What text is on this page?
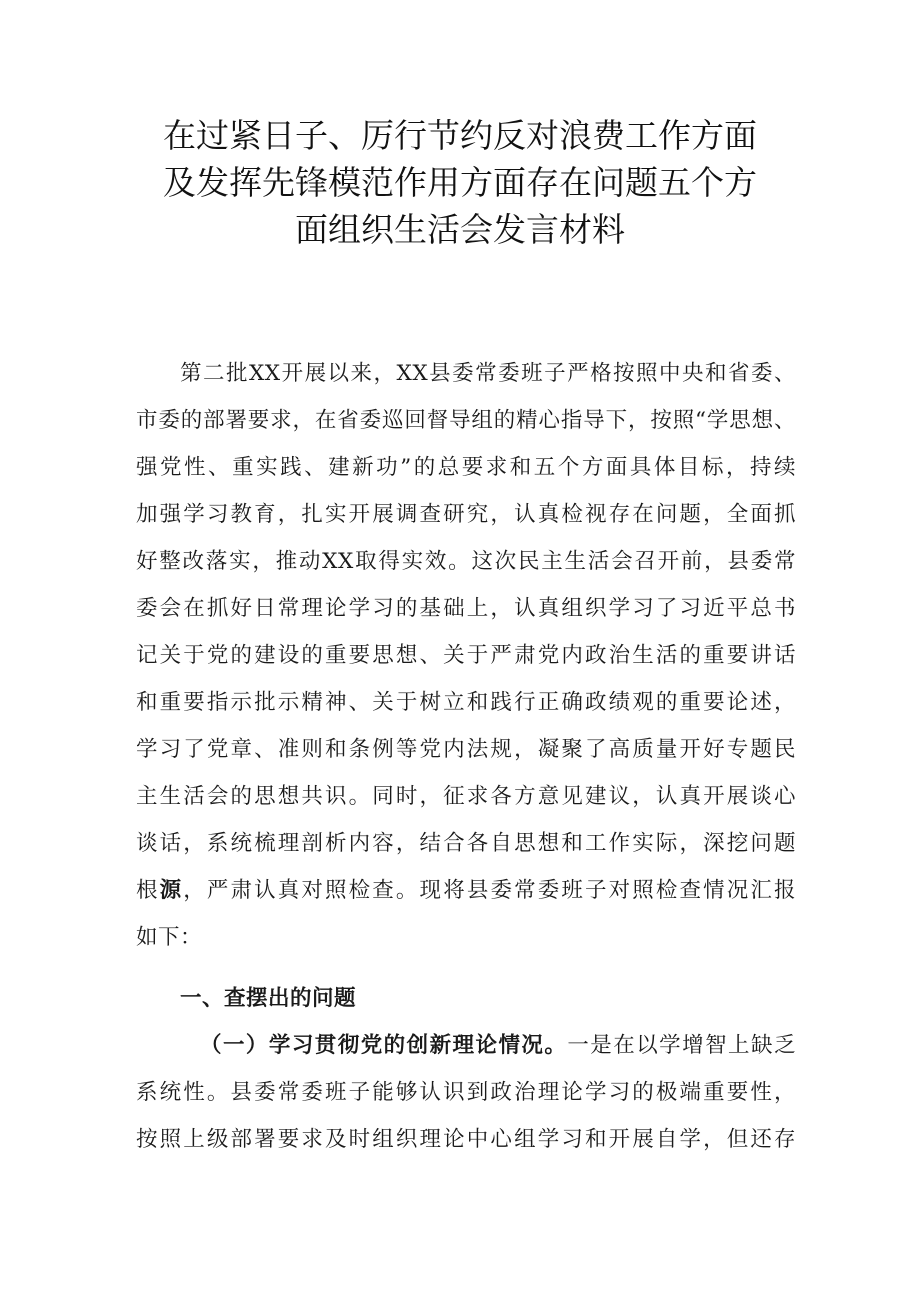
在过紧日子、厉行节约反对浪费工作方面
及发挥先锋模范作用方面存在问题五个方
面组织生活会发言材料
第二批XX开展以来，XX县委常委班子严格按照中央和省委、
市委的部署要求，在省委巡回督导组的精心指导下，按照“学思想、
强党性、重实践、建新功”的总要求和五个方面具体目标，持续
加强学习教育，扎实开展调查研究，认真检视存在问题，全面抓
好整改落实，推动XX取得实效。这次民主生活会召开前，县委常
委会在抓好日常理论学习的基础上，认真组织学习了习近平总书
记关于党的建设的重要思想、关于严肃党内政治生活的重要讲话
和重要指示批示精神、关于树立和践行正确政绩观的重要论述，
学习了党章、准则和条例等党内法规，凝聚了高质量开好专题民
主生活会的思想共识。同时，征求各方意见建议，认真开展谈心
谈话，系统梳理剖析内容，结合各自思想和工作实际，深挖问题
根源，严肃认真对照检查。现将县委常委班子对照检查情况汇报
如下：
一、查摆出的问题
（一）学习贯彻党的创新理论情况。一是在以学增智上缺乏
系统性。县委常委班子能够认识到政治理论学习的极端重要性，
按照上级部署要求及时组织理论中心组学习和开展自学，但还存
